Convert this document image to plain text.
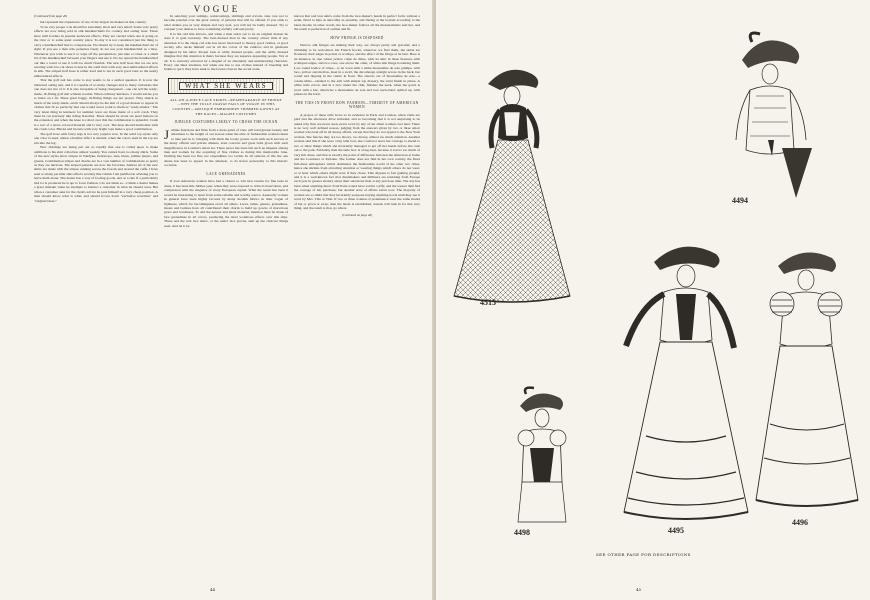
VOGUE
(Continued from page 40)

but represent the experience of one of the largest tie makers in this country.

To be very proper a tie should be extremely short and very small. Some very pretty effects are now being sold in silk handkerchiefs for country and outing wear. These have twill borders in popular neckwear effects. They are carried when one is going on the river or to some quiet country place. To-day it is not considered just the thing to carry a handkerchief that is conspicuous. We should try to keep the handkerchief out of sight. If you see a man who perspires freely do not use your handkerchief as a mop. Whenever you wish to use it to wipe off the perspiration, just take a corner or a small bit of the handkerchief between your fingers and use it. Do not spread the handkerchief out like a towel or use it with too much flourish. The new half hose that we are now wearing with low-cut shoes is best in the solid tints with very neat embroidered effects in silk. The striped half hose is rather loud and is not in such good taste as the neatly embroidered effects.

That the golf suit has come to stay seems to be a settled question. It is now the universal outing suit, and it is capable of so many changes and so many variations that one does not tire of it. It is also incapable of being cheapened—one can tell the ready-made, ill-fitting golf suit without trouble. When ordinary knickers, I would advise you to insist on a fit. These great baggy, ill-fitting things are not proper. They smack so much of the ready-made, and it should always be the aim of a good dresser to appear in clothes that fit so perfectly that one would never point to them as "ready-mades." The very latest thing in knickers for summer wear are those made of a soft crash. They must be cut precisely like riding breeches. There should be about six pearl buttons on the extension and when the knee is rolled over this the combination is splendid. Crash is a sort of a straw-colored material and is very cool. The hose should harmonize with the crash color. Blacks and browns with very bright tops make a good combination.

The golf hose with fancy legs is not very popular now. In the solid top styles only one color is used, unless a heather effect is desired, when the colors used in the top are run into the leg.

New shirtings are being put out so rapidly that one is called upon to make additions to his shirt collection almost weekly. You cannot have too many shirts. Some of the new styles show stripes in Vandyke, heliotrope, tans, blues, jubilee purple, and greens. Combination stripes and checks are in a vast number of combinations as pretty as they are intricate. The striped patterns are now the favorites. Almost all of the new shirts are made with the stripes running across the bosom and around the cuffs. I have seen so many peculiar shirt effects recently that I think I am justified in advising you to leave them alone. The dealer has a way of fooling goods, and as a rule if a particularly bad lot is produced he is apt to force fashion. I do not think so—I think a dealer makes a great mistake when he attempts to instruct a customer in what he should wear. But when a customer asks for the clerk's advice he puts himself in a very cheap position. A man should know what is what, and should frown down "exclusive novelties" and "original ideas."

In selecting your suitings, waistcoatings, shirtings and cravats, take care not to become puzzled over the great variety of patterns that will be offered. If you stick to what strikes you as very simple and very neat, you will not be badly dressed. Try to conquer your desires to have something awfully odd and pretty.

It is the odd that attracts, and when a man starts out to be an original dresser he does it to gain notoriety. The best-dressed men in the country attract little if any attention. It is the cheap cad who has never been used to money, good clothes, or good society who decks himself out in all the colors of the rainbow and in garments designed by his tailor. People look at oddly dressed people, and the oddly dressed imagine that this attention is theirs because they are superior-appearing people. Not at all. It is curiosity attracted by a magnet of an absolutely and uninteresting character. Every one likes attention, but when one has to use clothes instead of breeding and brains to get it they have sunk to the lowest class in the social scale.

WHAT SHE WEARS
ALL-ON-A-PIECE LACE SKIRTS—REAPPEARANCE OF FRINGE—WHY THE TULLE CRAVAT FAILS OF VOGUE IN THIS COUNTRY—APPLIQUÉ EMBROIDERY TRIMMED GOWNS AT THE RACES—MAGPIE COSTUMES
JUBILEE COSTUMES LIKELY TO CROSS THE OCEAN

Jubilee functions and fêtes from a dress point of view will lend greater beauty and smartness to the height of our season when the elite of fashionable women return to take part in it, bringing with them the lovely gowns worn with such success at the many official and private dinners, state concerts and great balls given with such magnificence in London's smart set. There never has been felt such an impetus among men and women for the acquiring of fine clothes as during this memorable June. Nothing has been too fine nor expenditure too lavish. In all stations of life the one desire has been to appear in the smartest, to do honor personally to this historic occasion.

LACE GRENADINES

If ever American women have had a chance to win new laurels for fine taste in dress, it has been this Jubilee year, when they were exposed to critical observation, and comparison with the elegance of every European capital. What the result has been it would be interesting to learn from some reliable and worthy source. Assuredly women in general have been highly favored by many modish fabrics in their vogue of lightness, which for becomingness excel all others. Laces, tulles, gauzes, grenadines, linons and batistes have all contributed their charm to build up gowns of marvelous grace and loveliness. To add the newest and latest material, mention must be made of lace grenadines in all colors, producing the most wondrous effects over silk slips. These and the real lace skirts, or the entire lace gowns, sum up the choicest things seen. And let it be

known that real lace skirts come from the lace-maker's hands in perfect form, without a seam, fitted to hips as smoothly as possible, and flaring at the bottom according to the latest model. In other words, the lace-maker follows all the measurements sent her, and the result is perfection of outline and fit.

HOW FRINGE IS DISPOSED

Narrow silk fringes are making their way, are always pretty and graceful, and a trimming to be welcomed. On French frocks, wherever we find them, the skirts are flounced, their edges in points or scallops, and the effect of the fringe at its best. Here is an instance, in ripe wheat yellow crêpe de chine, with its skirt in three flounces with scalloped edges, and two rows, one above the other, of white silk fringe bordering them. Low round bodice of crêpe—to be worn with a white mousseline de soie guimpe, with lace, yellow and mellow, inset in a swirl, the décolletage straight across in the back, but round and dipping in the centre in front. The sleeves are of mousseline de soie—a cream-white—slashed to the arm with simple top drapery, the wrist finish in plisse. A white tulle cravat, tied in a bow under the chin, finishes the neck, when the gown is worn with a hat; otherwise a mousseline de soie and lace neck-band, spilled up, with plisses in the back.

THE TIES IN FRONT BOW FASHION—TIMIDITY OF AMERICAN WOMEN

A propos of these tulle bows so in evidence in Paris and London, when visits are paid and the afternoon drive included, and so becoming that it is not surprising to be asked why they are never seen, never worn by any of our smart women over here. There is no very well defined reason, judging from the answers given by two or three smart women who lead off in all dressy affairs, except that they do not appeal to the New York woman. She fancies they are too showy, too dressy, almost too much attention. Another woman said that if she wore a big tulle bow, she could not leave her carriage to attend to two or three things which she invariably managed to get off her hands before she rode out to the park. Evidently then the tulle bow is a bug-bear, because it savors too much of very full dress, and that is exactly the point of difference between the American at home and the Londoner or Parisian. The former does not find in her own country the fixed full-dress atmosphere which dominates the fashionable world of the other two cities, hence she shrinks from attracting attention or wearing things which others do not wear, or at least which others might wear if they chose. This shyness is fast gaining ground, and it is a well-known fact that dressmakers and milliners are returning from Europe each year in greater anxiety about their selections than at any previous time. The day has been when anything direct from Paris would have sold in a jiffy, and the wearer then had the courage of her purchase; but another state of affairs exists now. The majority of women are so timid that they invariably postpone buying anything novel until they see it worn by Mrs. This or That. If two or three women of prominence wear the same model of hat or gown or wrap, then the mode is established, dozens will rush in for that very thing, and the result is that, go where

(Continued on page 46)
44
4515
4494
4498	4495
4496
SEE OTHER PAGE FOR DESCRIPTIONS
45
